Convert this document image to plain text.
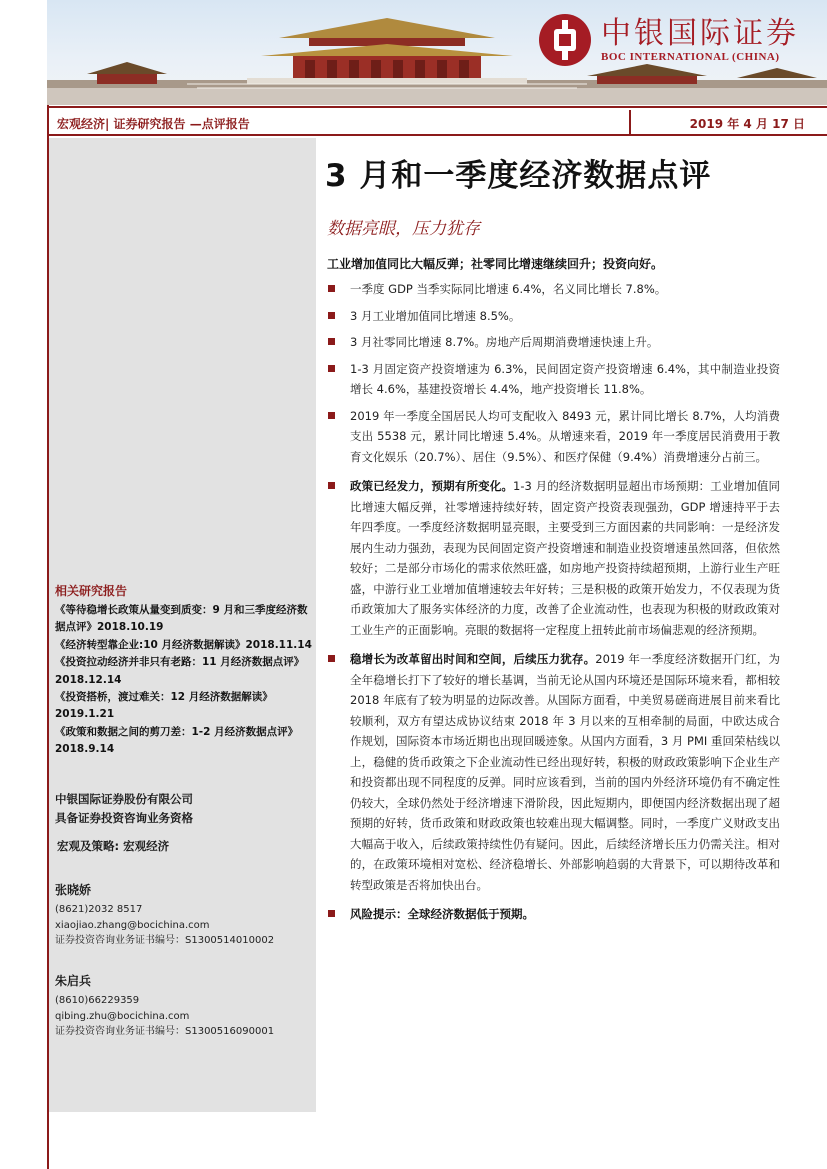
中银国际证券
BOC INTERNATIONAL (CHINA)
宏观经济| 证券研究报告 —点评报告	2019 年 4 月 17 日
相关研究报告

《等待稳增长政策从量变到质变：9 月和三季度经济数据点评》2018.10.19

《经济转型靠企业:10 月经济数据解读》2018.11.14

《投资拉动经济并非只有老路：11 月经济数据点评》2018.12.14

《投资搭桥，渡过难关：12 月经济数据解读》2019.1.21

《政策和数据之间的剪刀差：1-2 月经济数据点评》2018.9.14

中银国际证券股份有限公司
具备证券投资咨询业务资格
宏观及策略: 宏观经济
张晓娇
(8621)2032 8517
xiaojiao.zhang@bocichina.com
证券投资咨询业务证书编号：S1300514010002
朱启兵
(8610)66229359
qibing.zhu@bocichina.com
证券投资咨询业务证书编号：S1300516090001
3 月和一季度经济数据点评
数据亮眼，压力犹存
工业增加值同比大幅反弹；社零同比增速继续回升；投资向好。
一季度 GDP 当季实际同比增速 6.4%，名义同比增长 7.8%。
3 月工业增加值同比增速 8.5%。
3 月社零同比增速 8.7%。房地产后周期消费增速快速上升。
1-3 月固定资产投资增速为 6.3%，民间固定资产投资增速 6.4%，其中制造业投资增长 4.6%，基建投资增长 4.4%，地产投资增长 11.8%。
2019 年一季度全国居民人均可支配收入 8493 元，累计同比增长 8.7%，人均消费支出 5538 元，累计同比增速 5.4%。从增速来看，2019 年一季度居民消费用于教育文化娱乐（20.7%）、居住（9.5%）、和医疗保健（9.4%）消费增速分占前三。
政策已经发力，预期有所变化。1-3 月的经济数据明显超出市场预期：工业增加值同比增速大幅反弹，社零增速持续好转，固定资产投资表现强劲，GDP 增速持平于去年四季度。一季度经济数据明显亮眼，主要受到三方面因素的共同影响：一是经济发展内生动力强劲，表现为民间固定资产投资增速和制造业投资增速虽然回落，但依然较好；二是部分市场化的需求依然旺盛，如房地产投资持续超预期，上游行业生产旺盛，中游行业工业增加值增速较去年好转；三是积极的政策开始发力，不仅表现为货币政策加大了服务实体经济的力度，改善了企业流动性，也表现为积极的财政政策对工业生产的正面影响。亮眼的数据将一定程度上扭转此前市场偏悲观的经济预期。
稳增长为改革留出时间和空间，后续压力犹存。2019 年一季度经济数据开门红，为全年稳增长打下了较好的增长基调，当前无论从国内环境还是国际环境来看，都相较 2018 年底有了较为明显的边际改善。从国际方面看，中美贸易磋商进展目前来看比较顺利，双方有望达成协议结束 2018 年 3 月以来的互相牵制的局面，中欧达成合作规划，国际资本市场近期也出现回暖迹象。从国内方面看，3 月 PMI 重回荣枯线以上，稳健的货币政策之下企业流动性已经出现好转，积极的财政政策影响下企业生产和投资都出现不同程度的反弹。同时应该看到，当前的国内外经济环境仍有不确定性仍较大，全球仍然处于经济增速下滑阶段，因此短期内，即便国内经济数据出现了超预期的好转，货币政策和财政政策也较难出现大幅调整。同时，一季度广义财政支出大幅高于收入，后续政策持续性仍有疑问。因此，后续经济增长压力仍需关注。相对的，在政策环境相对宽松、经济稳增长、外部影响趋弱的大背景下，可以期待改革和转型政策是否将加快出台。
风险提示：全球经济数据低于预期。
